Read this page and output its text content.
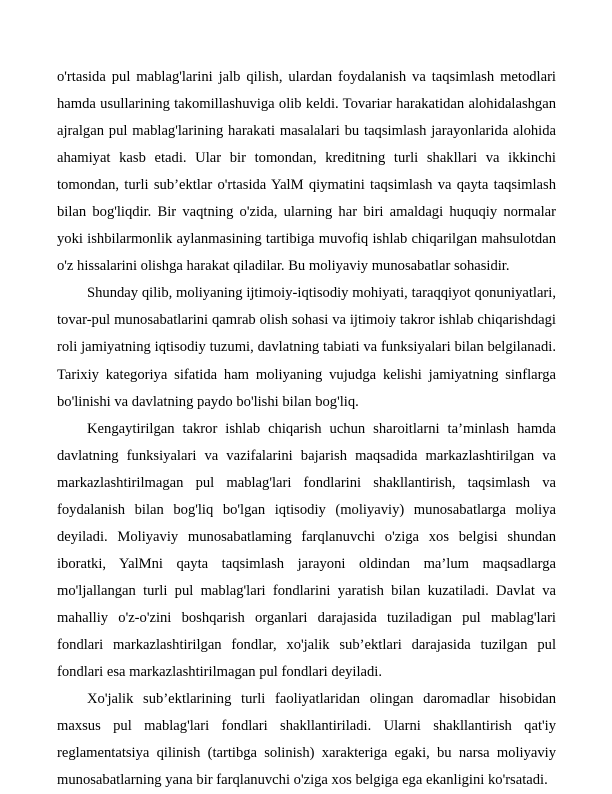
o'rtasida pul mablag'larini jalb qilish, ulardan foydalanish va taqsimlash metodlari hamda usullarining takomillashuviga olib keldi. Tovariar harakatidan alohidalashgan ajralgan pul mablag'larining harakati masalalari bu taqsimlash jarayonlarida alohida ahamiyat kasb etadi. Ular bir tomondan, kreditning turli shakllari va ikkinchi tomondan, turli sub’ektlar o'rtasida YalM qiymatini taqsimlash va qayta taqsimlash bilan bog'liqdir. Bir vaqtning o'zida, ularning har biri amaldagi huquqiy normalar yoki ishbilarmonlik aylanmasining tartibiga muvofiq ishlab chiqarilgan mahsulotdan o'z hissalarini olishga harakat qiladilar. Bu moliyaviy munosabatlar sohasidir.

Shunday qilib, moliyaning ijtimoiy-iqtisodiy mohiyati, taraqqiyot qonuniyatlari, tovar-pul munosabatlarini qamrab olish sohasi va ijtimoiy takror ishlab chiqarishdagi roli jamiyatning iqtisodiy tuzumi, davlatning tabiati va funksiyalari bilan belgilanadi. Tarixiy kategoriya sifatida ham moliyaning vujudga kelishi jamiyatning sinflarga bo'linishi va davlatning paydo bo'lishi bilan bog'liq.

Kengaytirilgan takror ishlab chiqarish uchun sharoitlarni ta’minlash hamda davlatning funksiyalari va vazifalarini bajarish maqsadida markazlashtirilgan va markazlashtirilmagan pul mablag'lari fondlarini shakllantirish, taqsimlash va foydalanish bilan bog'liq bo'lgan iqtisodiy (moliyaviy) munosabatlarga moliya deyiladi. Moliyaviy munosabatlaming farqlanuvchi o'ziga xos belgisi shundan iboratki, YalMni qayta taqsimlash jarayoni oldindan ma’lum maqsadlarga mo'ljallangan turli pul mablag'lari fondlarini yaratish bilan kuzatiladi. Davlat va mahalliy o'z-o'zini boshqarish organlari darajasida tuziladigan pul mablag'lari fondlari markazlashtirilgan fondlar, xo'jalik sub’ektlari darajasida tuzilgan pul fondlari esa markazlashtirilmagan pul fondlari deyiladi.

Xo'jalik sub’ektlarining turli faoliyatlaridan olingan daromadlar hisobidan maxsus pul mablag'lari fondlari shakllantiriladi. Ularni shakllantirish qat'iy reglamentatsiya qilinish (tartibga solinish) xarakteriga egaki, bu narsa moliyaviy munosabatlarning yana bir farqlanuvchi o'ziga xos belgiga ega ekanligini ko'rsatadi.
